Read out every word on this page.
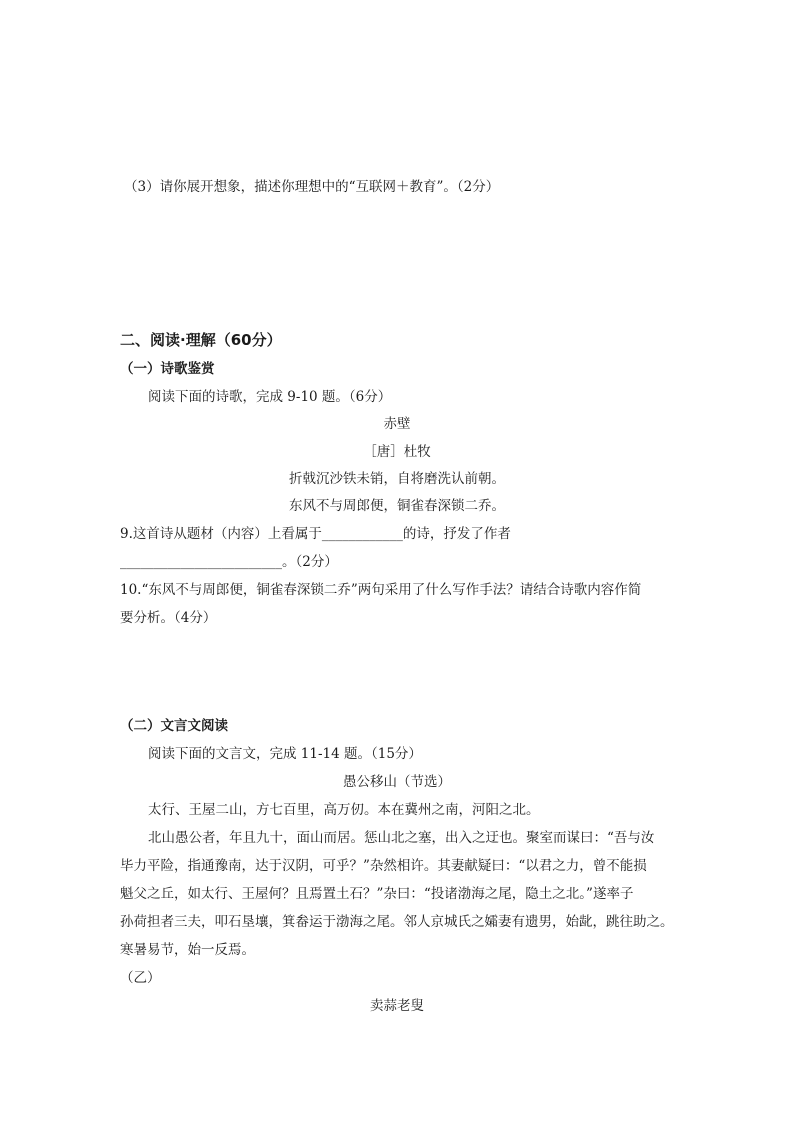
（3）请你展开想象，描述你理想中的“互联网＋教育”。（2分）
二、阅读·理解（60分）
（一）诗歌鉴赏
阅读下面的诗歌，完成 9-10 题。（6分）
赤壁
［唐］杜牧
折戟沉沙铁未销，自将磨洗认前朝。
东风不与周郎便，铜雀春深锁二乔。
9.这首诗从题材（内容）上看属于____________的诗，抒发了作者
________________________。（2分）
10.“东风不与周郎便，铜雀春深锁二乔”两句采用了什么写作手法？请结合诗歌内容作简
要分析。（4分）
（二）文言文阅读
阅读下面的文言文，完成 11-14 题。（15分）
愚公移山（节选）
太行、王屋二山，方七百里，高万仞。本在冀州之南，河阳之北。
北山愚公者，年且九十，面山而居。惩山北之塞，出入之迂也。聚室而谋曰：“吾与汝
毕力平险，指通豫南，达于汉阴，可乎？”杂然相许。其妻献疑曰：“以君之力，曾不能损
魁父之丘，如太行、王屋何？且焉置土石？”杂曰：“投诸渤海之尾，隐土之北。”遂率子
孙荷担者三夫，叩石垦壤，箕畚运于渤海之尾。邻人京城氏之孀妻有遗男，始龀，跳往助之。
寒暑易节，始一反焉。
（乙）
卖蒜老叟
